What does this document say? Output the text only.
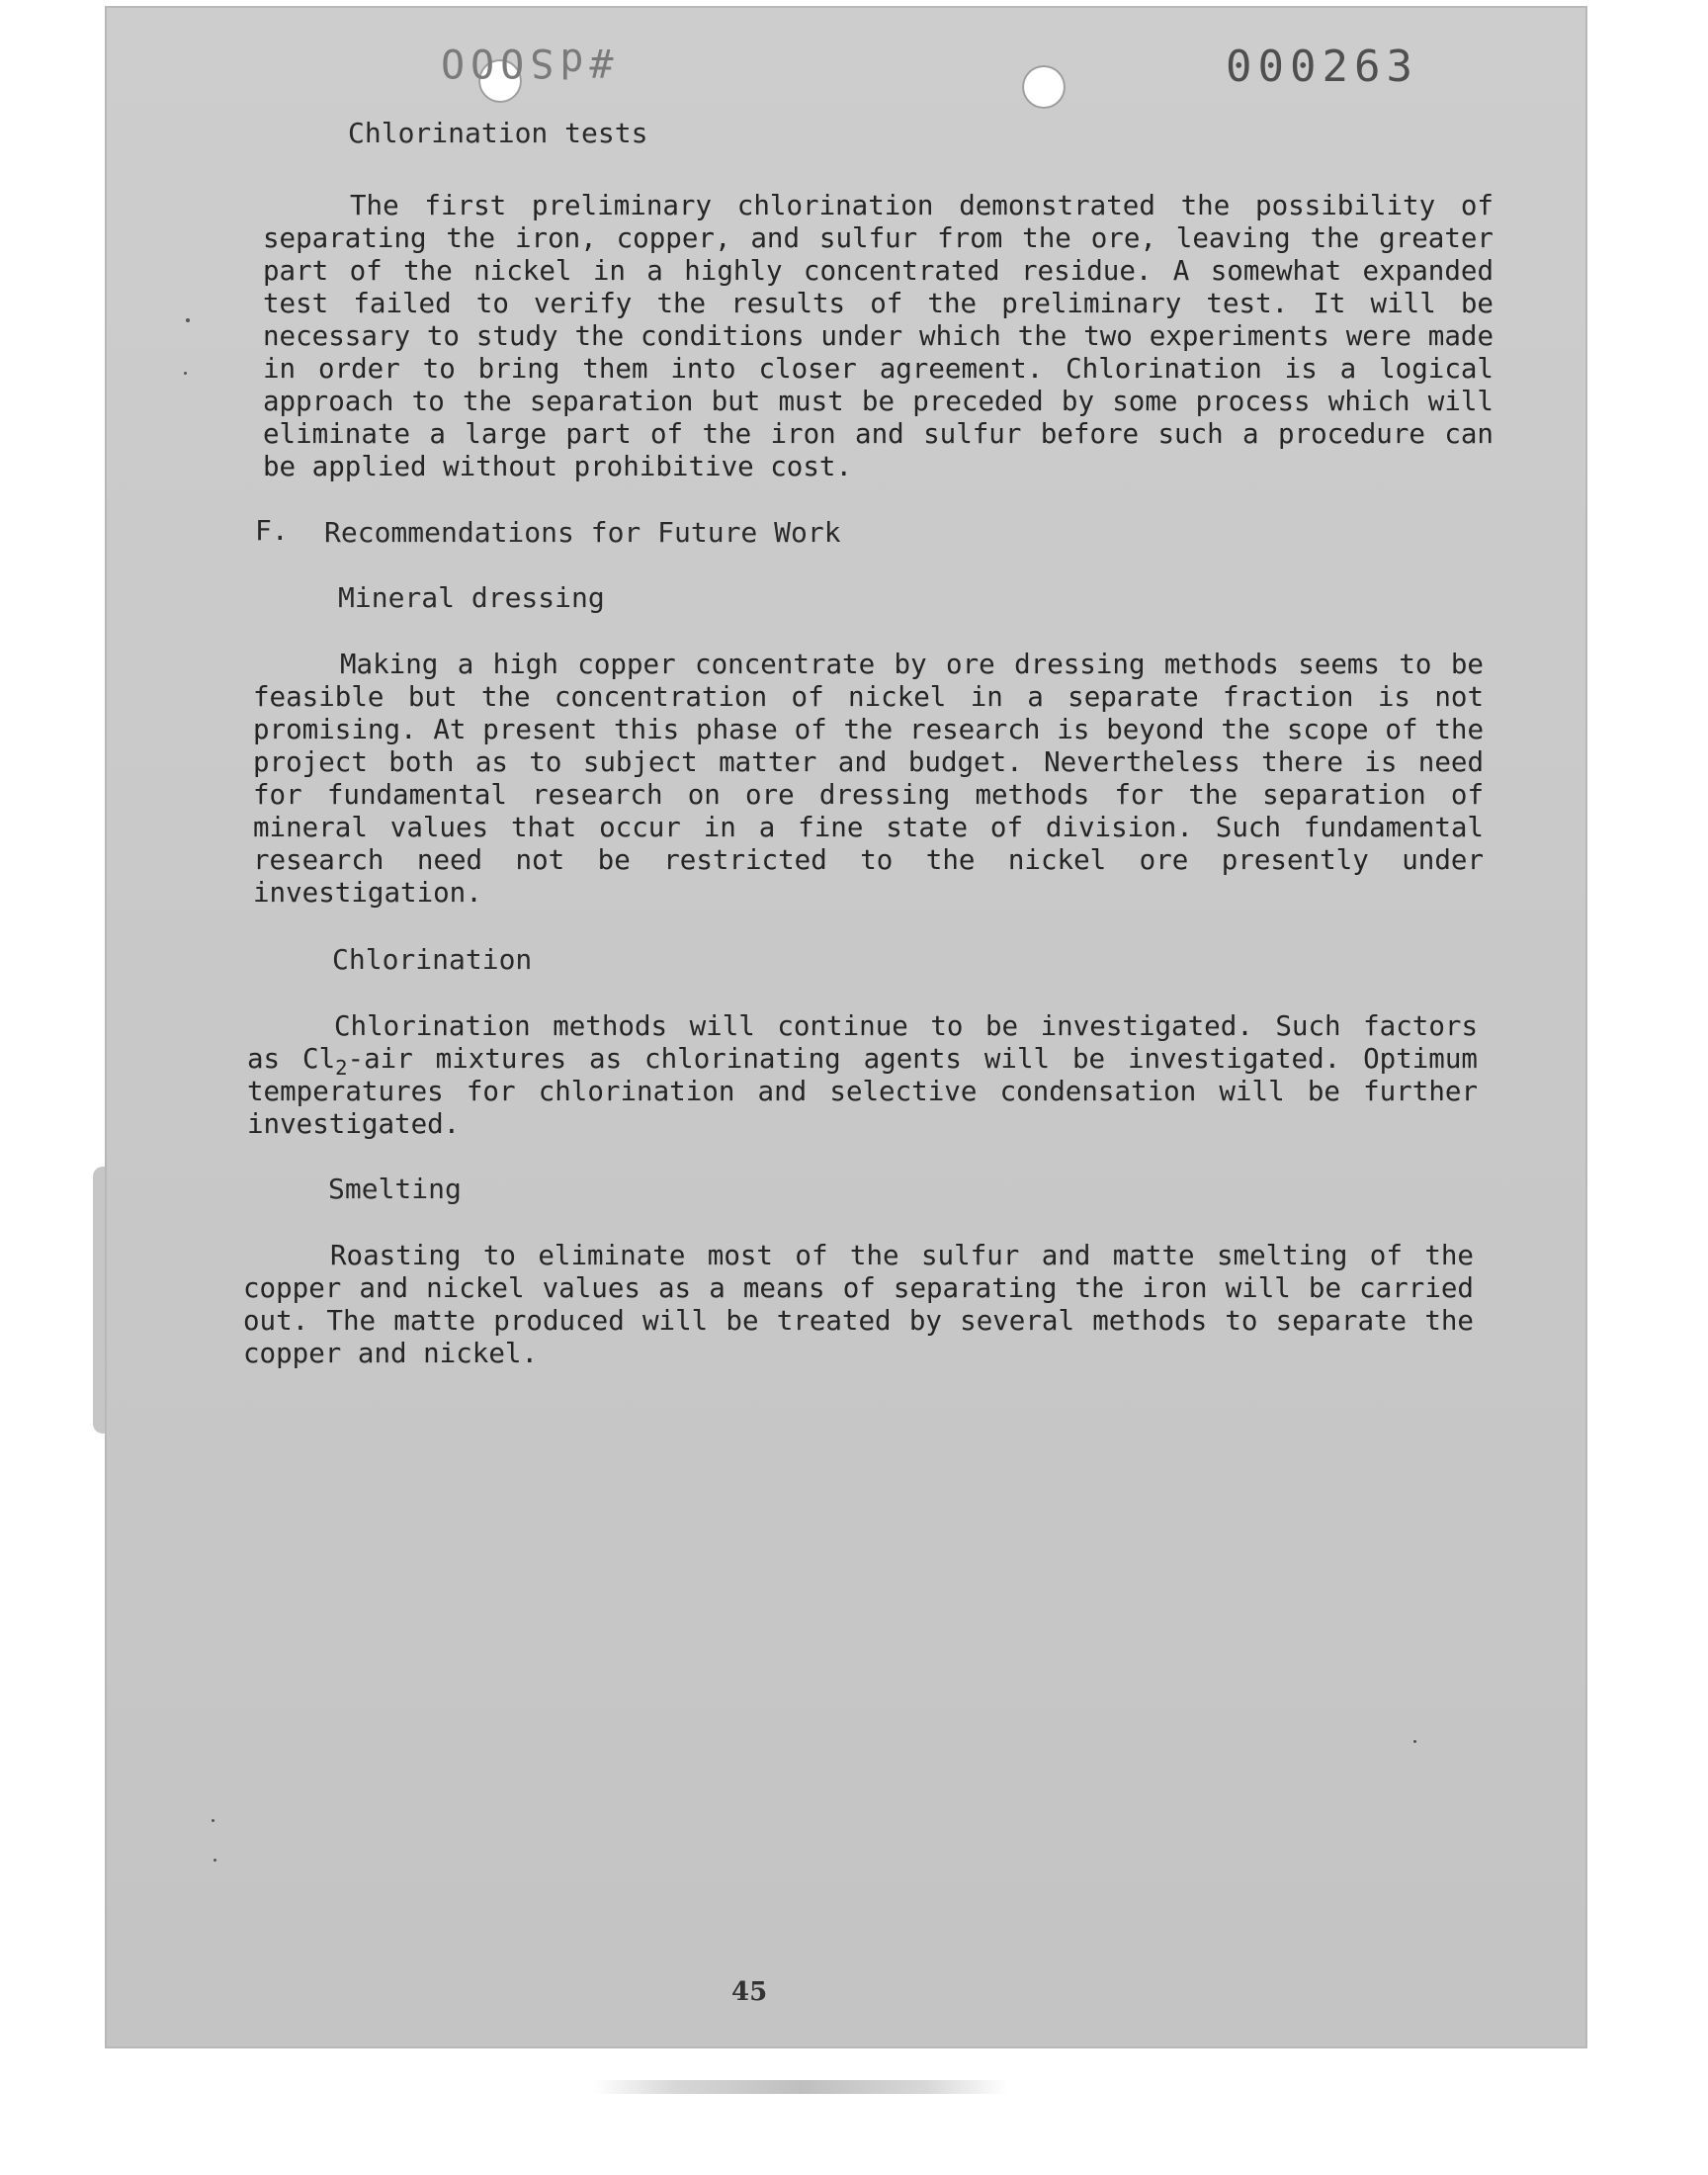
#dSOOO	000263
Chlorination tests

The first preliminary chlorination demonstrated the possibility of separating the iron, copper, and sulfur from the ore, leaving the greater part of the nickel in a highly concentrated residue. A somewhat expanded test failed to verify the results of the preliminary test. It will be necessary to study the conditions under which the two experiments were made in order to bring them into closer agreement. Chlorination is a logical approach to the separation but must be preceded by some process which will eliminate a large part of the iron and sulfur before such a procedure can be applied without prohibitive cost.

F. Recommendations for Future Work
Mineral dressing

Making a high copper concentrate by ore dressing methods seems to be feasible but the concentration of nickel in a separate fraction is not promising. At present this phase of the research is beyond the scope of the project both as to subject matter and budget. Nevertheless there is need for fundamental research on ore dressing methods for the separation of mineral values that occur in a fine state of division. Such fundamental research need not be restricted to the nickel ore presently under investigation.

Chlorination

Chlorination methods will continue to be investigated. Such factors as $Cl_2$-air mixtures as chlorinating agents will be investigated. Optimum temperatures for chlorination and selective condensation will be further investigated.

Smelting

Roasting to eliminate most of the sulfur and matte smelting of the copper and nickel values as a means of separating the iron will be carried out. The matte produced will be treated by several methods to separate the copper and nickel.

45
